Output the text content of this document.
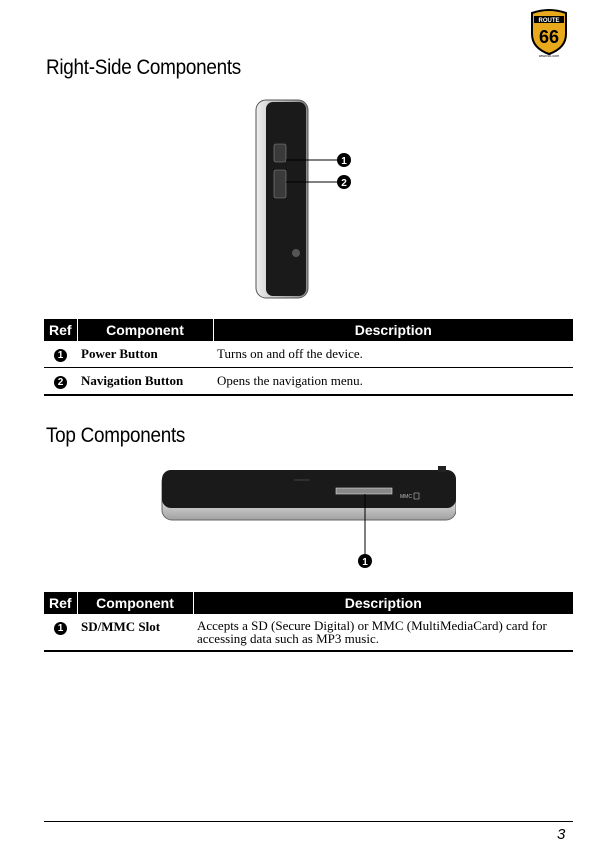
ROUTE
66
www.66.com
Right-Side Components
1
2
Ref	Component	Description
1	Power Button	Turns on and off the device.
2	Navigation Button	Opens the navigation menu.
Top Components
MMC
1
Ref	Component	Description
1	SD/MMC Slot	Accepts a SD (Secure Digital) or MMC (MultiMediaCard) card for accessing data such as MP3 music.
3
